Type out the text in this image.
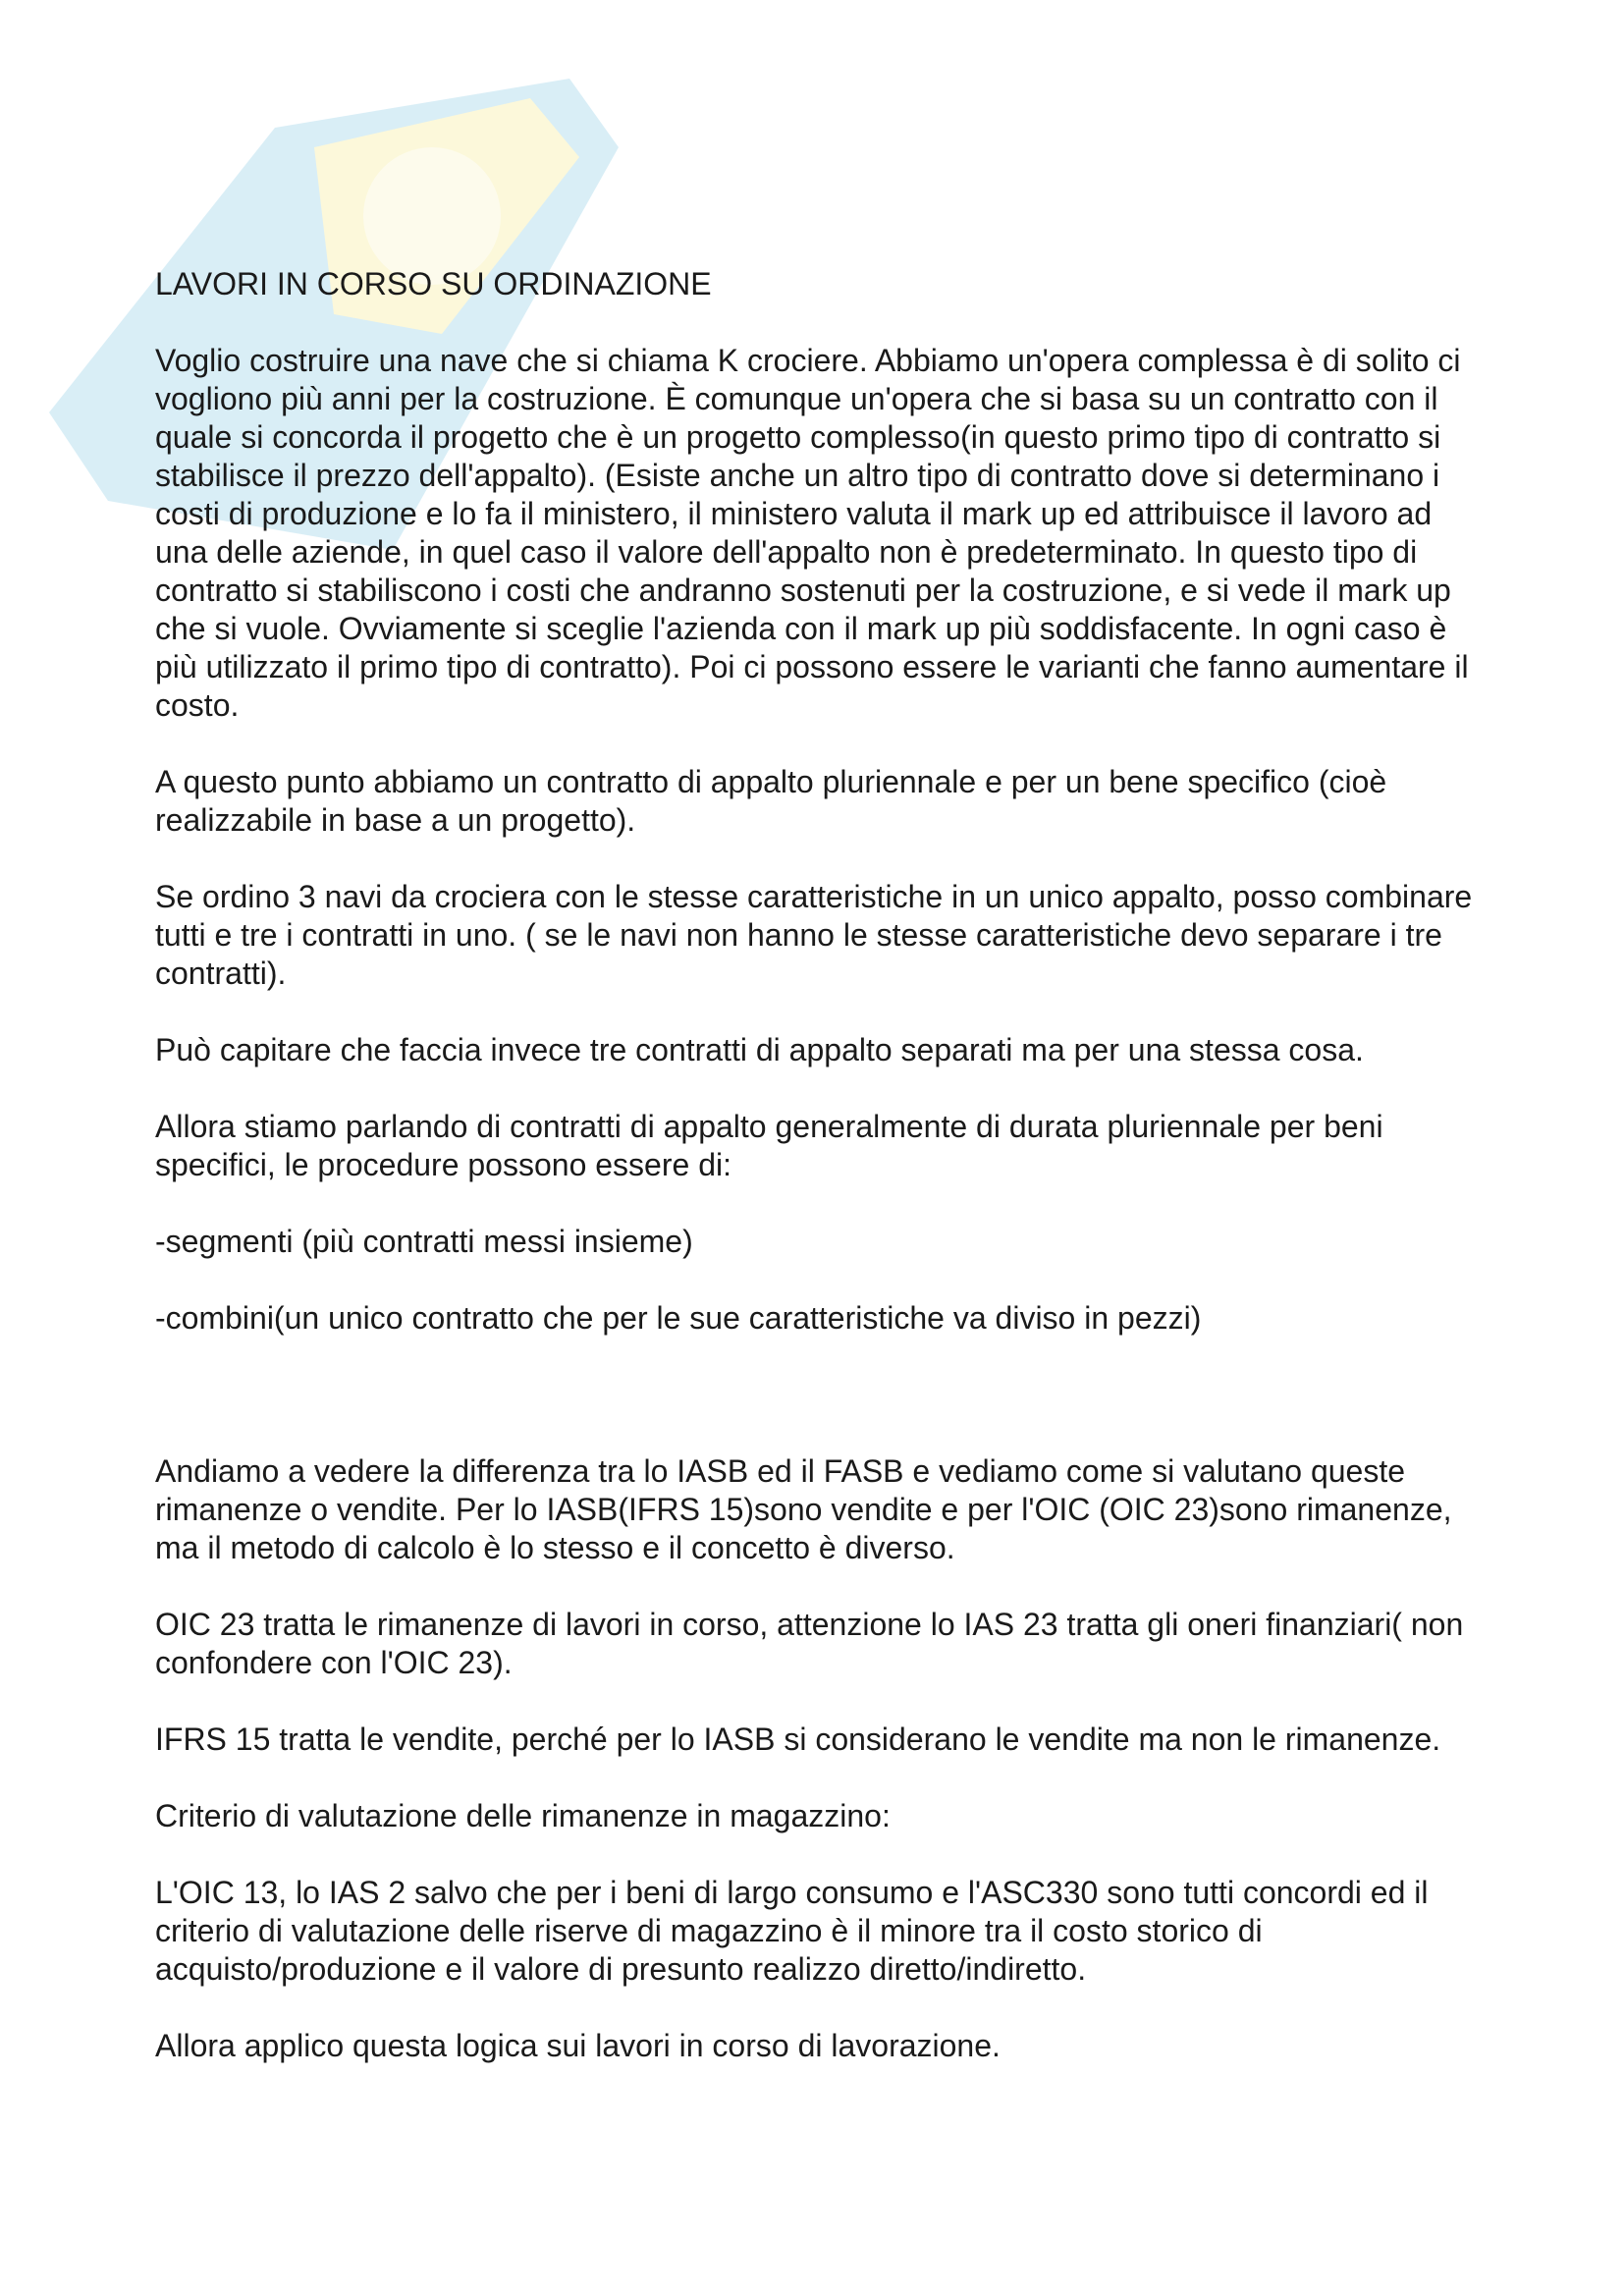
LAVORI IN CORSO SU ORDINAZIONE

Voglio costruire una nave che si chiama K crociere. Abbiamo un'opera complessa è di solito ci vogliono più anni per la costruzione. È comunque un'opera che si basa su un contratto con il quale si concorda il progetto che è un progetto complesso(in questo primo tipo di contratto si stabilisce il prezzo dell'appalto). (Esiste anche un altro tipo di contratto dove si determinano i costi di produzione e lo fa il ministero, il ministero valuta il mark up ed attribuisce il lavoro ad una delle aziende, in quel caso il valore dell'appalto non è predeterminato. In questo tipo di contratto si stabiliscono i costi che andranno sostenuti per la costruzione, e si vede il mark up che si vuole. Ovviamente si sceglie l'azienda con il mark up più soddisfacente. In ogni caso è più utilizzato il primo tipo di contratto). Poi ci possono essere le varianti che fanno aumentare il costo.

A questo punto abbiamo un contratto di appalto pluriennale e per un bene specifico (cioè realizzabile in base a un progetto).

Se ordino 3 navi da crociera con le stesse caratteristiche in un unico appalto, posso combinare tutti e tre i contratti in uno. ( se le navi non hanno le stesse caratteristiche devo separare i tre contratti).

Può capitare che faccia invece tre contratti di appalto separati ma per una stessa cosa.

Allora stiamo parlando di contratti di appalto generalmente di durata pluriennale per beni specifici, le procedure possono essere di:

-segmenti (più contratti messi insieme)

-combini(un unico contratto che per le sue caratteristiche va diviso in pezzi)

Andiamo a vedere la differenza tra lo IASB ed il FASB e vediamo come si valutano queste rimanenze o vendite. Per lo IASB(IFRS 15)sono vendite e per l'OIC (OIC 23)sono rimanenze, ma il metodo di calcolo è lo stesso e il concetto è diverso.

OIC 23 tratta le rimanenze di lavori in corso, attenzione lo IAS 23 tratta gli oneri finanziari( non confondere con l'OIC 23).

IFRS 15 tratta le vendite, perché per lo IASB si considerano le vendite ma non le rimanenze.

Criterio di valutazione delle rimanenze in magazzino:

L'OIC 13, lo IAS 2 salvo che per i beni di largo consumo e l'ASC330 sono tutti concordi ed il criterio di valutazione delle riserve di magazzino è il minore tra il costo storico di acquisto/produzione e il valore di presunto realizzo diretto/indiretto.

Allora applico questa logica sui lavori in corso di lavorazione.
